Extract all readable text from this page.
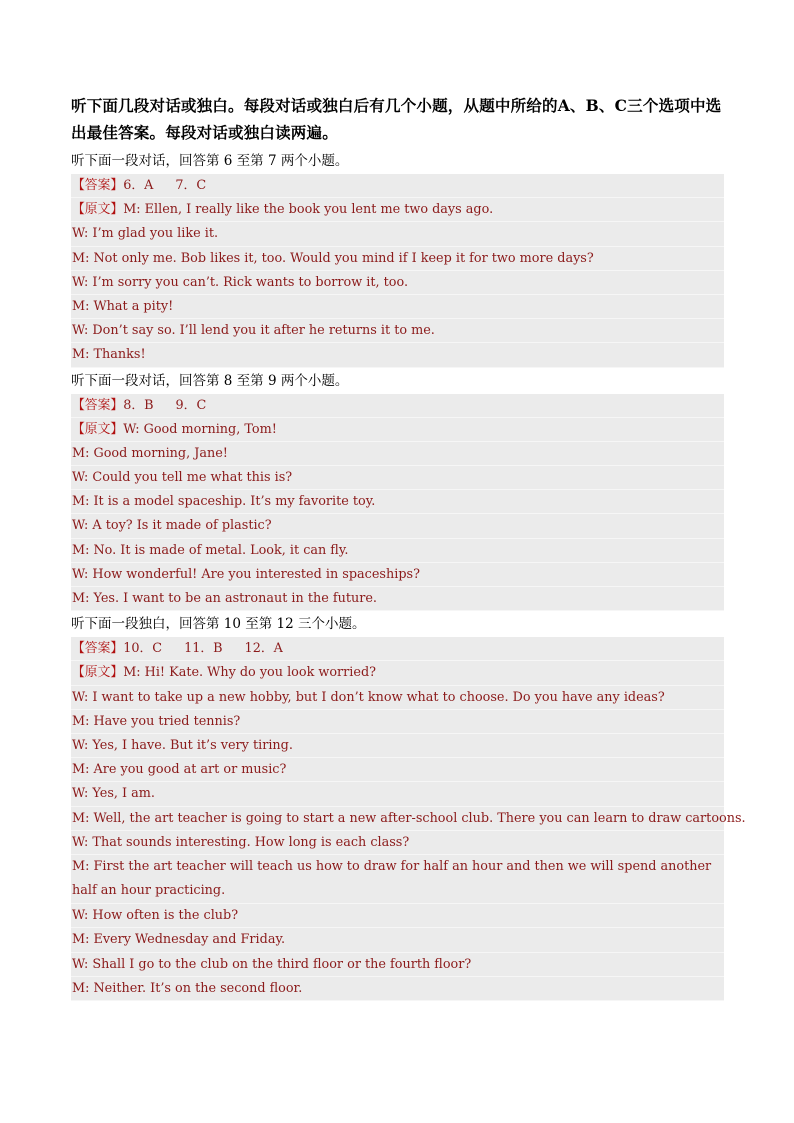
听下面几段对话或独白。每段对话或独白后有几个小题，从题中所给的A、B、C三个选项中选出最佳答案。每段对话或独白读两遍。

听下面一段对话，回答第 6 至第 7 两个小题。

【答案】6．A 7．C
【原文】M: Ellen, I really like the book you lent me two days ago.
W: I’m glad you like it.
M: Not only me. Bob likes it, too. Would you mind if I keep it for two more days?
W: I’m sorry you can’t. Rick wants to borrow it, too.
M: What a pity!
W: Don’t say so. I’ll lend you it after he returns it to me.
M: Thanks!

听下面一段对话，回答第 8 至第 9 两个小题。

【答案】8．B 9．C
【原文】W: Good morning, Tom!
M: Good morning, Jane!
W: Could you tell me what this is?
M: It is a model spaceship. It’s my favorite toy.
W: A toy? Is it made of plastic?
M: No. It is made of metal. Look, it can fly.
W: How wonderful! Are you interested in spaceships?
M: Yes. I want to be an astronaut in the future.

听下面一段独白，回答第 10 至第 12 三个小题。

【答案】10．C 11．B 12．A
【原文】M: Hi! Kate. Why do you look worried?
W: I want to take up a new hobby, but I don’t know what to choose. Do you have any ideas?
M: Have you tried tennis?
W: Yes, I have. But it’s very tiring.
M: Are you good at art or music?
W: Yes, I am.
M: Well, the art teacher is going to start a new after-school club. There you can learn to draw cartoons.
W: That sounds interesting. How long is each class?
M: First the art teacher will teach us how to draw for half an hour and then we will spend another half an hour practicing.
W: How often is the club?
M: Every Wednesday and Friday.
W: Shall I go to the club on the third floor or the fourth floor?
M: Neither. It’s on the second floor.
